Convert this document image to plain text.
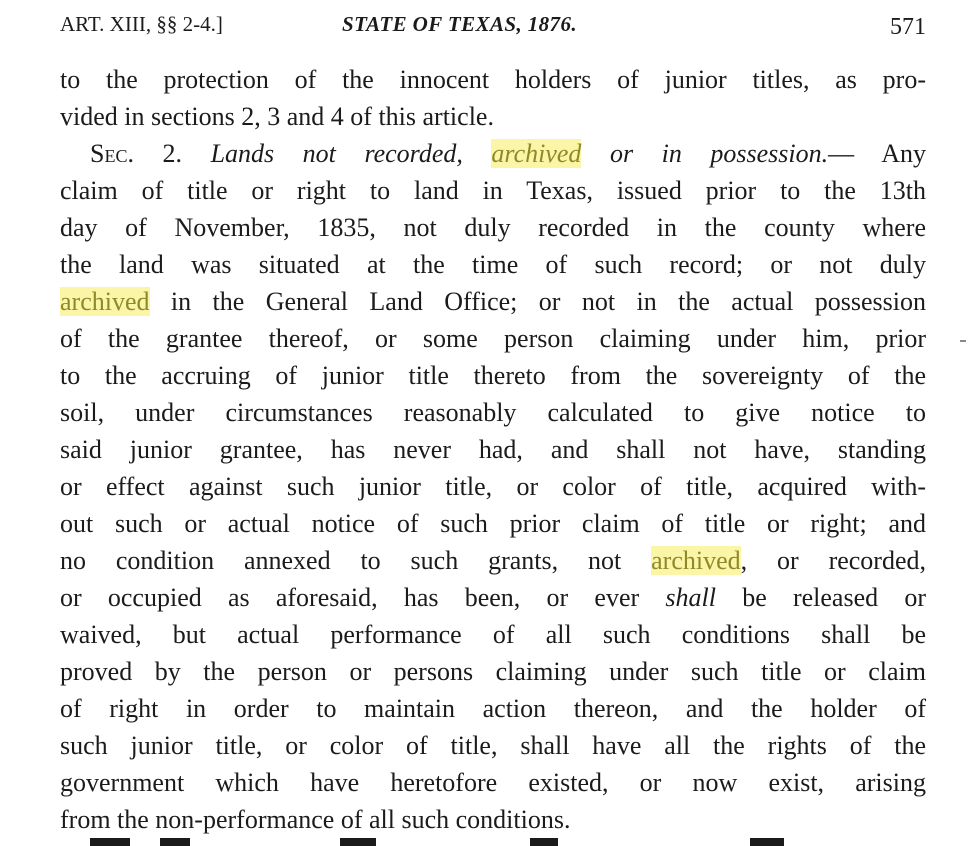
ART. XIII, §§ 2-4.]	STATE OF TEXAS, 1876.	571
to the protection of the innocent holders of junior titles, as pro-
vided in sections 2, 3 and 4 of this article.
Sec. 2. Lands not recorded, archived or in possession.— Any
claim of title or right to land in Texas, issued prior to the 13th
day of November, 1835, not duly recorded in the county where
the land was situated at the time of such record; or not duly
archived in the General Land Office; or not in the actual possession
of the grantee thereof, or some person claiming under him, prior
to the accruing of junior title thereto from the sovereignty of the
soil, under circumstances reasonably calculated to give notice to
said junior grantee, has never had, and shall not have, standing
or effect against such junior title, or color of title, acquired with-
out such or actual notice of such prior claim of title or right; and
no condition annexed to such grants, not archived, or recorded,
or occupied as aforesaid, has been, or ever shall be released or
waived, but actual performance of all such conditions shall be
proved by the person or persons claiming under such title or claim
of right in order to maintain action thereon, and the holder of
such junior title, or color of title, shall have all the rights of the
government which have heretofore existed, or now exist, arising
from the non-performance of all such conditions.
